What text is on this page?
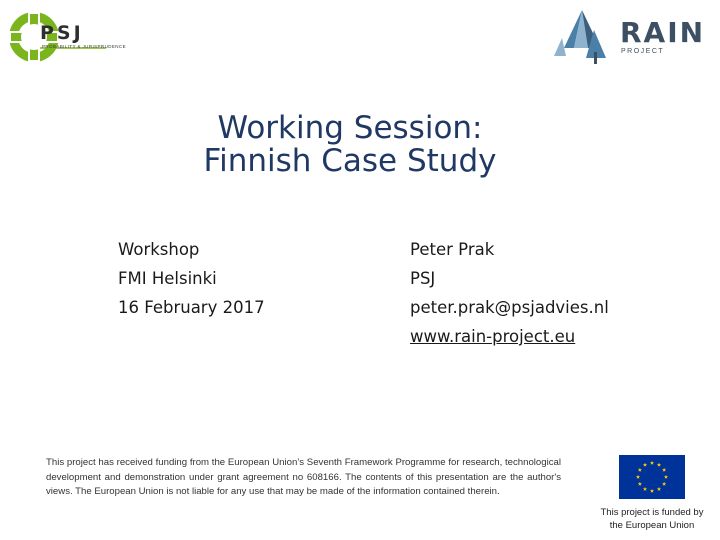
PSJ
PROBABILITY & JURISPRUDENCE	RAIN
PROJECT
Working Session:
Finnish Case Study
Workshop
FMI Helsinki
16 February 2017
Peter Prak
PSJ
peter.prak@psjadvies.nl
www.rain-project.eu
This project has received funding from the European Union’s Seventh Framework Programme for research, technological development and demonstration under grant agreement no 608166. The contents of this presentation are the author's views. The European Union is not liable for any use that may be made of the information contained therein.
This project is funded by
the European Union
